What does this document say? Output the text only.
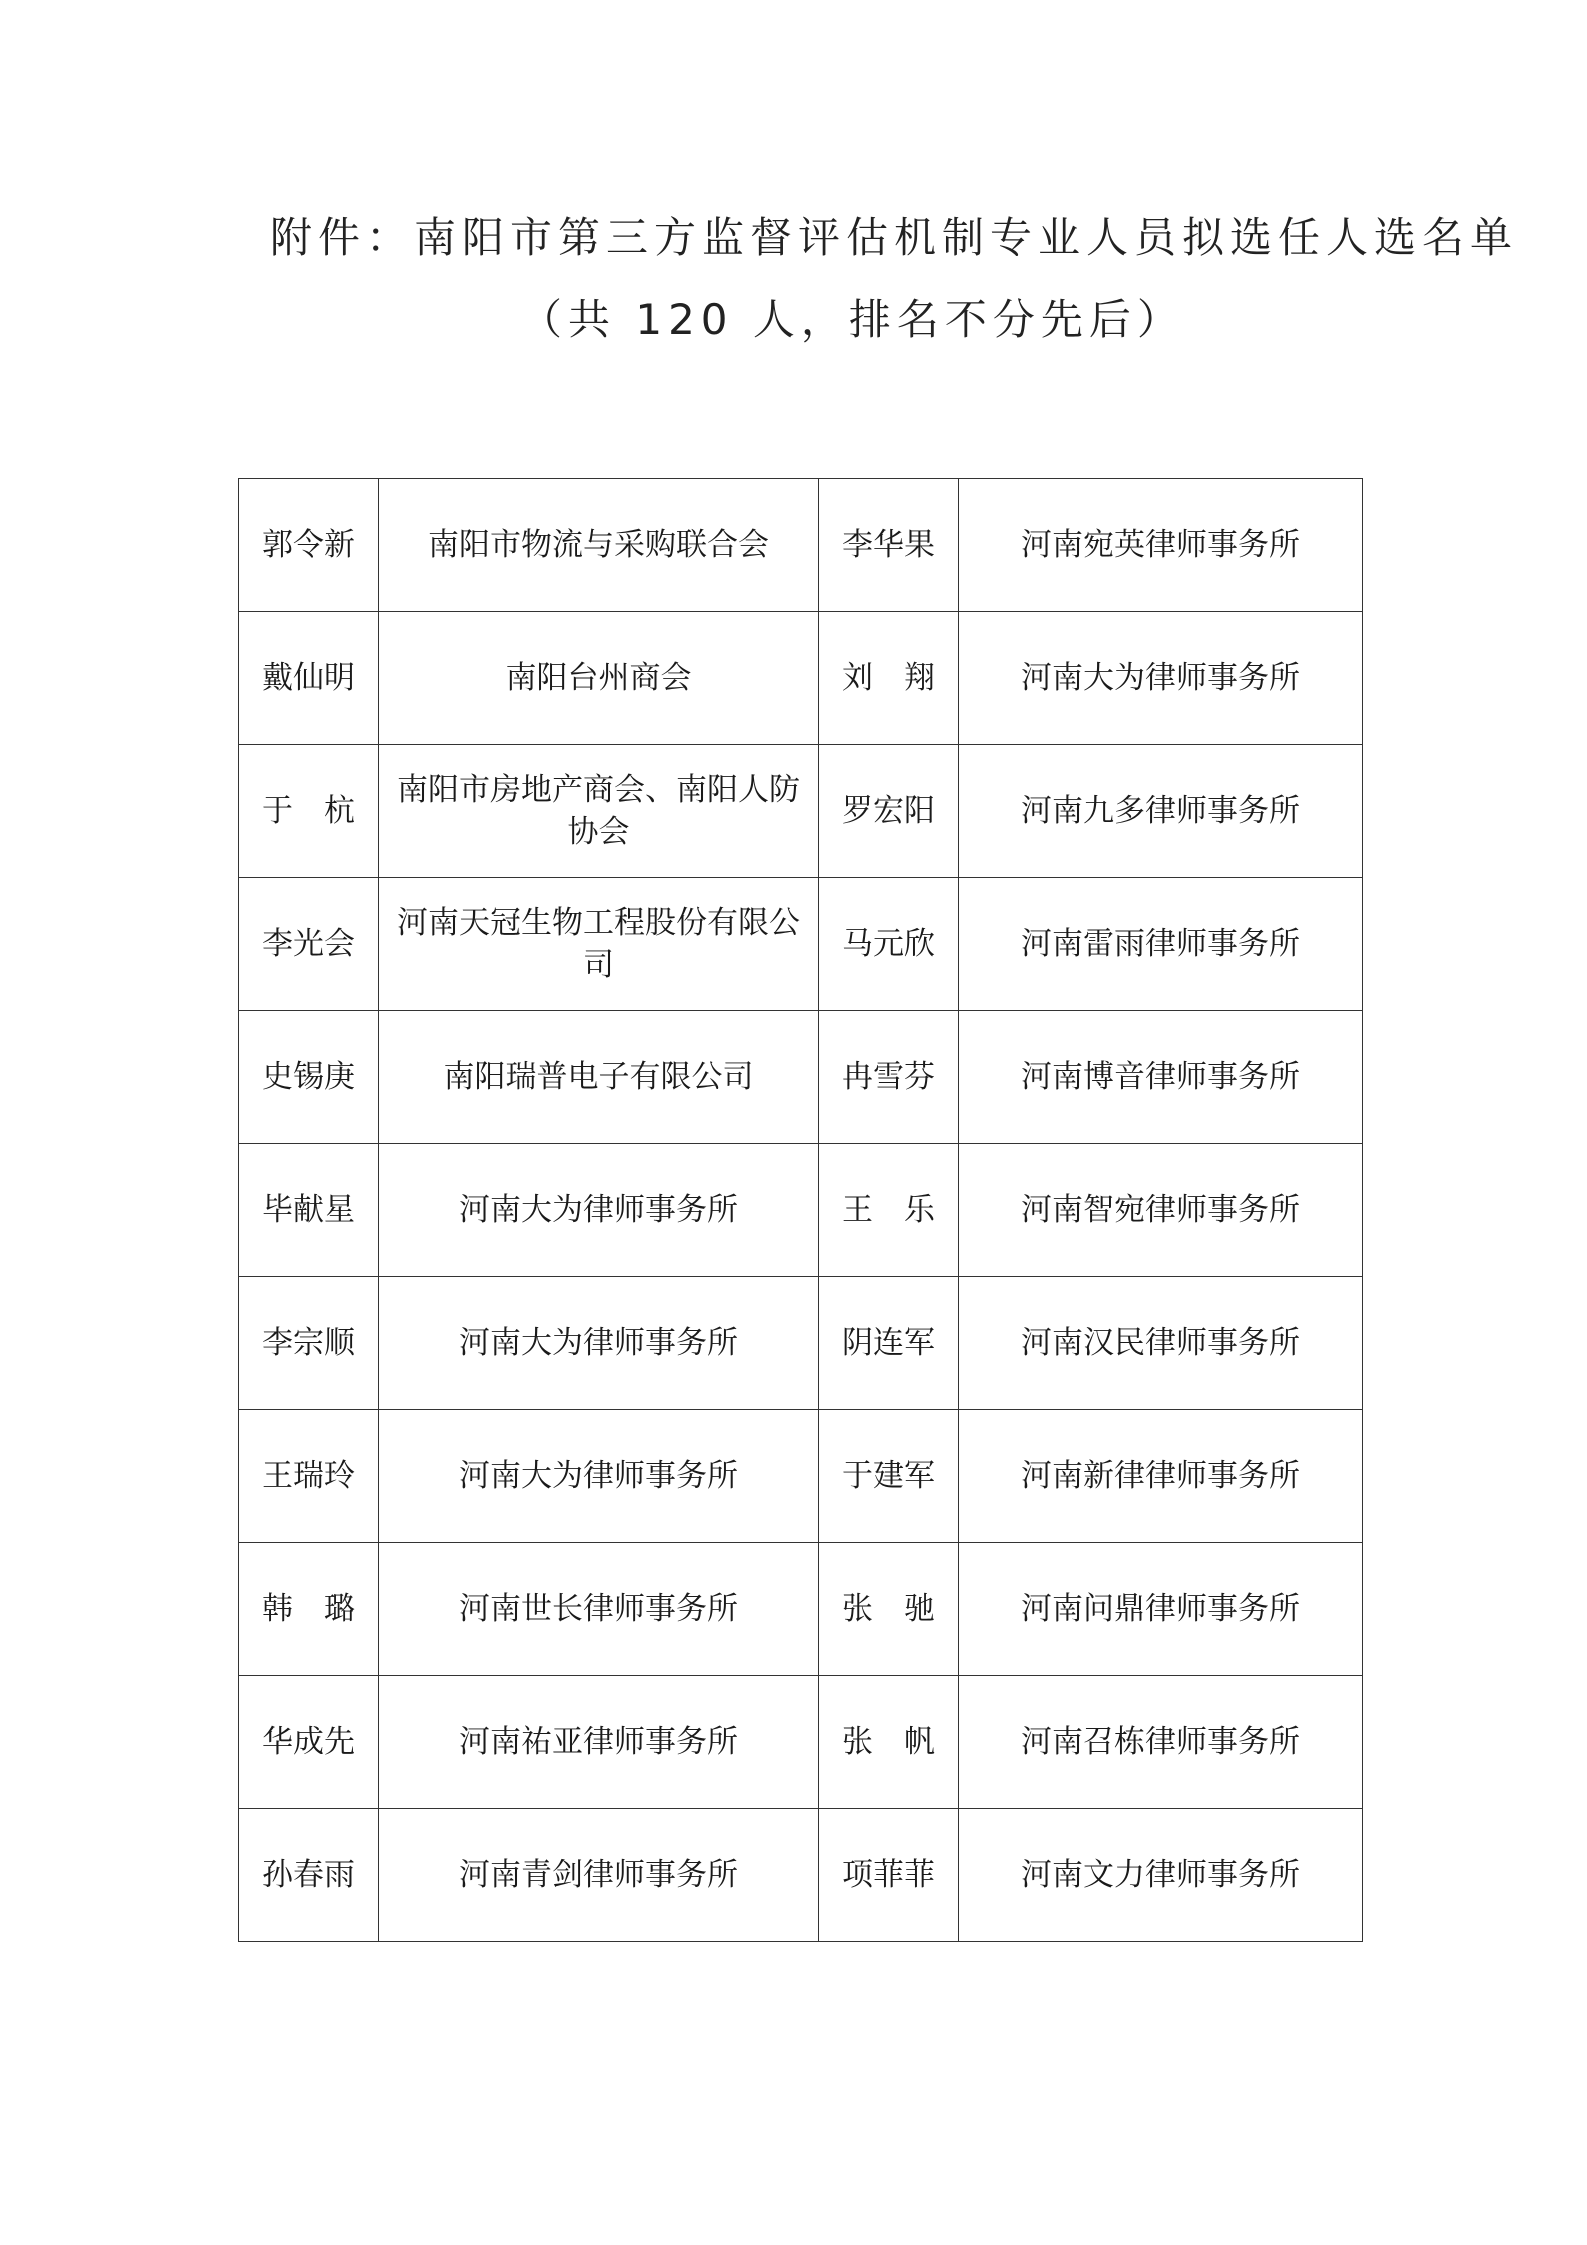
附件：南阳市第三方监督评估机制专业人员拟选任人选名单
（共 120 人，排名不分先后）
郭令新	南阳市物流与采购联合会	李华果	河南宛英律师事务所
戴仙明	南阳台州商会	刘　翔	河南大为律师事务所
于　杭	南阳市房地产商会、南阳人防协会	罗宏阳	河南九多律师事务所
李光会	河南天冠生物工程股份有限公司	马元欣	河南雷雨律师事务所
史锡庚	南阳瑞普电子有限公司	冉雪芬	河南博音律师事务所
毕献星	河南大为律师事务所	王　乐	河南智宛律师事务所
李宗顺	河南大为律师事务所	阴连军	河南汉民律师事务所
王瑞玲	河南大为律师事务所	于建军	河南新律律师事务所
韩　璐	河南世长律师事务所	张　驰	河南问鼎律师事务所
华成先	河南祐亚律师事务所	张　帆	河南召栋律师事务所
孙春雨	河南青剑律师事务所	项菲菲	河南文力律师事务所
